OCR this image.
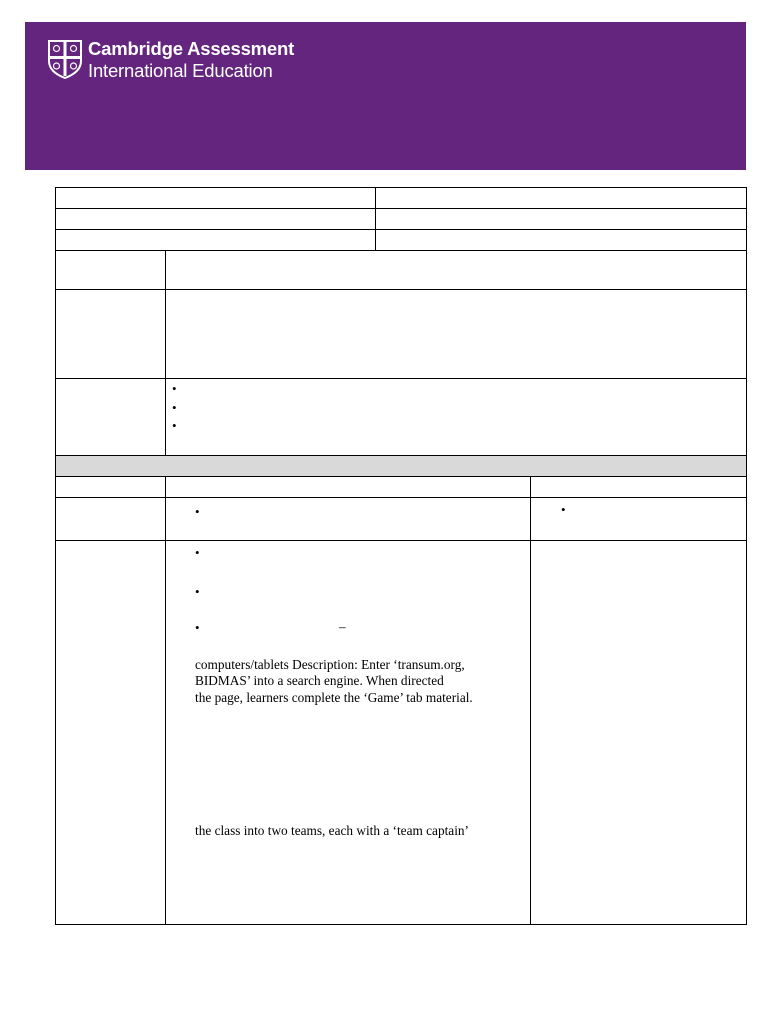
Cambridge Assessment
International Education
•
•
•
•	•
•
•
•	–
computers/tablets Description: Enter ‘transum.org,
BIDMAS’ into a search engine. When directed
the page, learners complete the ‘Game’ tab material.
the class into two teams, each with a ‘team captain’
